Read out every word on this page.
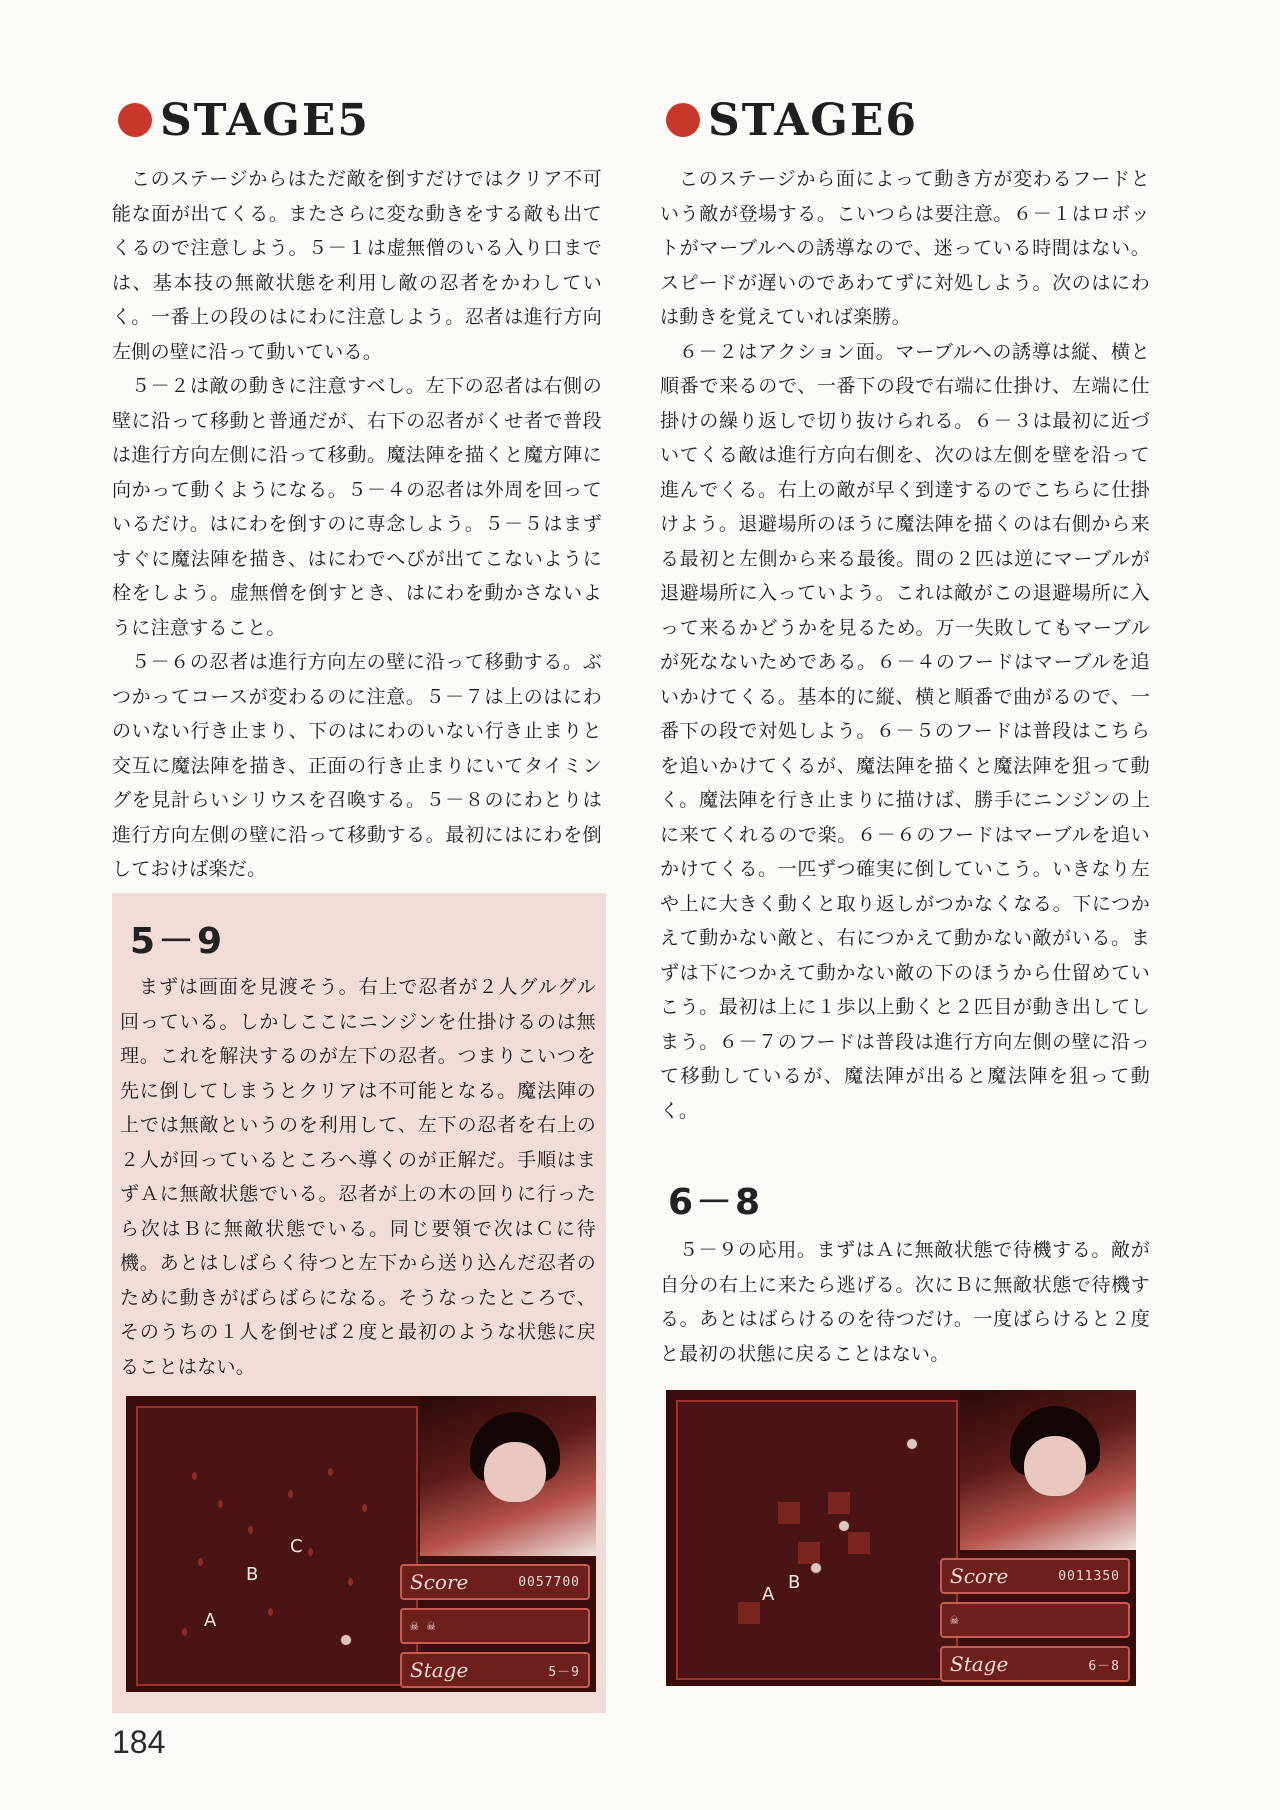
STAGE5

このステージからはただ敵を倒すだけではクリア不可能な面が出てくる。またさらに変な動きをする敵も出てくるので注意しよう。５－１は虚無僧のいる入り口までは、基本技の無敵状態を利用し敵の忍者をかわしていく。一番上の段のはにわに注意しよう。忍者は進行方向左側の壁に沿って動いている。

５－２は敵の動きに注意すべし。左下の忍者は右側の壁に沿って移動と普通だが、右下の忍者がくせ者で普段は進行方向左側に沿って移動。魔法陣を描くと魔方陣に向かって動くようになる。５－４の忍者は外周を回っているだけ。はにわを倒すのに専念しよう。５－５はまずすぐに魔法陣を描き、はにわでへびが出てこないように栓をしよう。虚無僧を倒すとき、はにわを動かさないように注意すること。

５－６の忍者は進行方向左の壁に沿って移動する。ぶつかってコースが変わるのに注意。５－７は上のはにわのいない行き止まり、下のはにわのいない行き止まりと交互に魔法陣を描き、正面の行き止まりにいてタイミングを見計らいシリウスを召喚する。５－８のにわとりは進行方向左側の壁に沿って移動する。最初にはにわを倒しておけば楽だ。

5－9

まずは画面を見渡そう。右上で忍者が２人グルグル回っている。しかしここにニンジンを仕掛けるのは無理。これを解決するのが左下の忍者。つまりこいつを先に倒してしまうとクリアは不可能となる。魔法陣の上では無敵というのを利用して、左下の忍者を右上の２人が回っているところへ導くのが正解だ。手順はまずＡに無敵状態でいる。忍者が上の木の回りに行ったら次はＢに無敵状態でいる。同じ要領で次はＣに待機。あとはしばらく待つと左下から送り込んだ忍者のために動きがばらばらになる。そうなったところで、そのうちの１人を倒せば２度と最初のような状態に戻ることはない。

C
B
A
Score	0057700
☠ ☠
Stage	5－9
STAGE6

このステージから面によって動き方が変わるフードという敵が登場する。こいつらは要注意。６－１はロボットがマーブルへの誘導なので、迷っている時間はない。スピードが遅いのであわてずに対処しよう。次のはにわは動きを覚えていれば楽勝。

６－２はアクション面。マーブルへの誘導は縦、横と順番で来るので、一番下の段で右端に仕掛け、左端に仕掛けの繰り返しで切り抜けられる。６－３は最初に近づいてくる敵は進行方向右側を、次のは左側を壁を沿って進んでくる。右上の敵が早く到達するのでこちらに仕掛けよう。退避場所のほうに魔法陣を描くのは右側から来る最初と左側から来る最後。間の２匹は逆にマーブルが退避場所に入っていよう。これは敵がこの退避場所に入って来るかどうかを見るため。万一失敗してもマーブルが死なないためである。６－４のフードはマーブルを追いかけてくる。基本的に縦、横と順番で曲がるので、一番下の段で対処しよう。６－５のフードは普段はこちらを追いかけてくるが、魔法陣を描くと魔法陣を狙って動く。魔法陣を行き止まりに描けば、勝手にニンジンの上に来てくれるので楽。６－６のフードはマーブルを追いかけてくる。一匹ずつ確実に倒していこう。いきなり左や上に大きく動くと取り返しがつかなくなる。下につかえて動かない敵と、右につかえて動かない敵がいる。まずは下につかえて動かない敵の下のほうから仕留めていこう。最初は上に１歩以上動くと２匹目が動き出してしまう。６－７のフードは普段は進行方向左側の壁に沿って移動しているが、魔法陣が出ると魔法陣を狙って動く。

6－8

５－９の応用。まずはＡに無敵状態で待機する。敵が自分の右上に来たら逃げる。次にＢに無敵状態で待機する。あとはばらけるのを待つだけ。一度ばらけると２度と最初の状態に戻ることはない。

A
B	Score	0011350
☠
Stage	6－8
184
